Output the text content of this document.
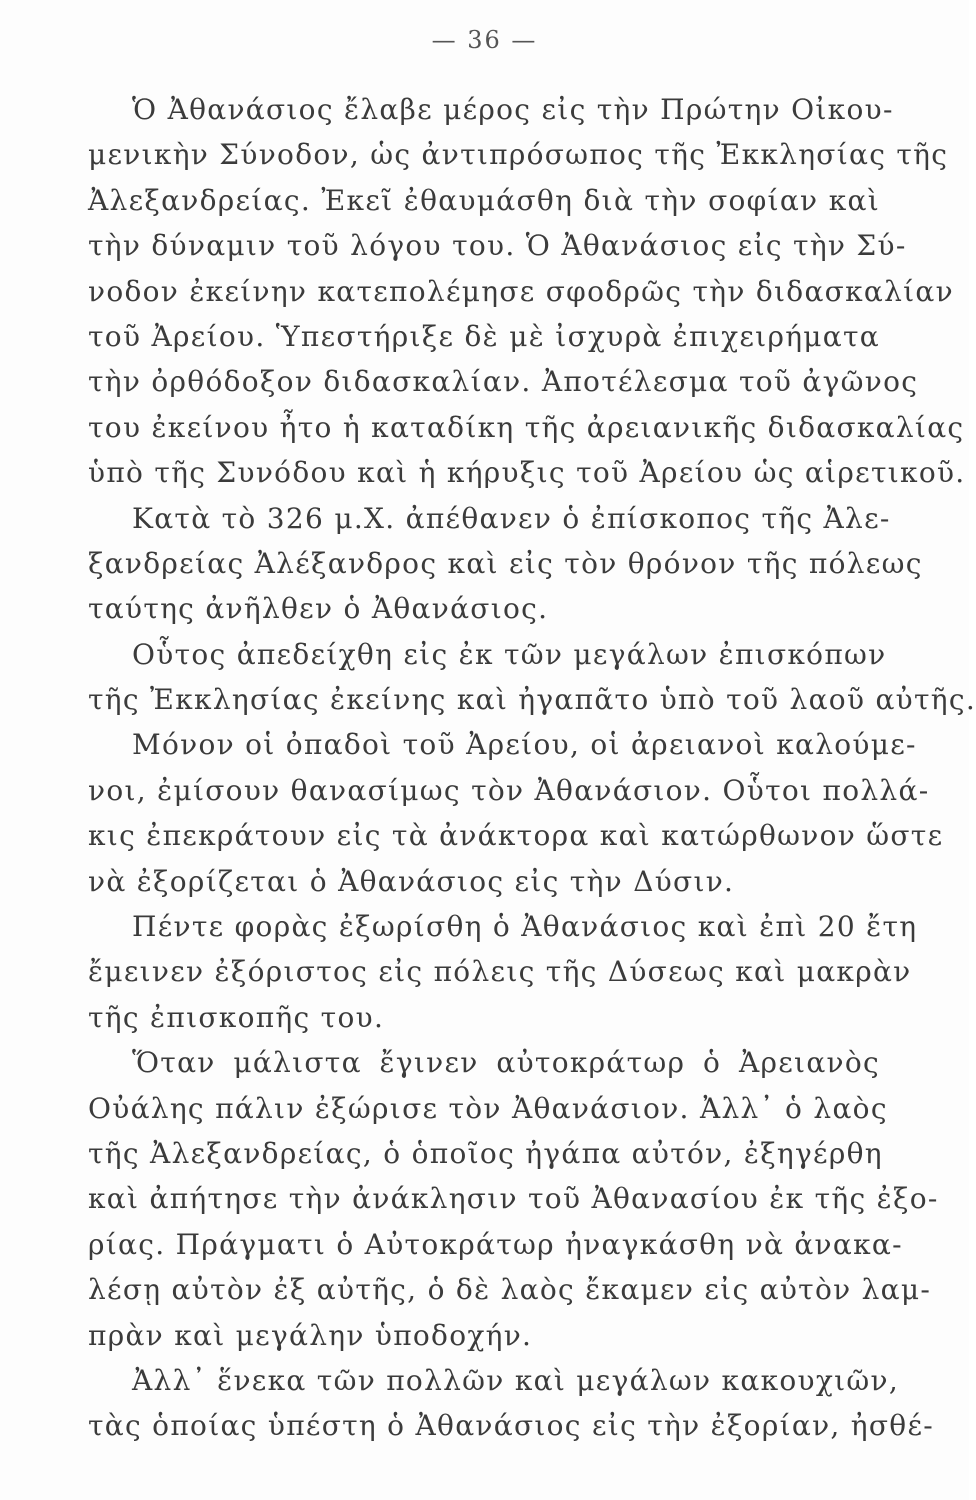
— 36 —
Ὁ Ἀθανάσιος ἔλαβε μέρος εἰς τὴν Πρώτην Οἰκου-
μενικὴν Σύνοδον, ὡς ἀντιπρόσωπος τῆς Ἐκκλησίας τῆς
Ἀλεξανδρείας. Ἐκεῖ ἐθαυμάσθη διὰ τὴν σοφίαν καὶ
τὴν δύναμιν τοῦ λόγου του. Ὁ Ἀθανάσιος εἰς τὴν Σύ-
νοδον ἐκείνην κατεπολέμησε σφοδρῶς τὴν διδασκαλίαν
τοῦ Ἀρείου. Ὑπεστήριξε δὲ μὲ ἰσχυρὰ ἐπιχειρήματα
τὴν ὀρθόδοξον διδασκαλίαν. Ἀποτέλεσμα τοῦ ἀγῶνος
του ἐκείνου ἦτο ἡ καταδίκη τῆς ἀρειανικῆς διδασκαλίας
ὑπὸ τῆς Συνόδου καὶ ἡ κήρυξις τοῦ Ἀρείου ὡς αἱρετικοῦ.
Κατὰ τὸ 326 μ.Χ. ἀπέθανεν ὁ ἐπίσκοπος τῆς Ἀλε-
ξανδρείας Ἀλέξανδρος καὶ εἰς τὸν θρόνον τῆς πόλεως
ταύτης ἀνῆλθεν ὁ Ἀθανάσιος.
Οὗτος ἀπεδείχθη εἰς ἐκ τῶν μεγάλων ἐπισκόπων
τῆς Ἐκκλησίας ἐκείνης καὶ ἠγαπᾶτο ὑπὸ τοῦ λαοῦ αὐτῆς.
Μόνον οἱ ὀπαδοὶ τοῦ Ἀρείου, οἱ ἀρειανοὶ καλούμε-
νοι, ἐμίσουν θανασίμως τὸν Ἀθανάσιον. Οὗτοι πολλά-
κις ἐπεκράτουν εἰς τὰ ἀνάκτορα καὶ κατώρθωνον ὥστε
νὰ ἐξορίζεται ὁ Ἀθανάσιος εἰς τὴν Δύσιν.
Πέντε φορὰς ἐξωρίσθη ὁ Ἀθανάσιος καὶ ἐπὶ 20 ἔτη
ἔμεινεν ἐξόριστος εἰς πόλεις τῆς Δύσεως καὶ μακρὰν
τῆς ἐπισκοπῆς του.
Ὅταν μάλιστα ἔγινεν αὐτοκράτωρ ὁ Ἀρειανὸς
Οὐάλης πάλιν ἐξώρισε τὸν Ἀθανάσιον. Ἀλλ᾽ ὁ λαὸς
τῆς Ἀλεξανδρείας, ὁ ὁποῖος ἠγάπα αὐτόν, ἐξηγέρθη
καὶ ἀπήτησε τὴν ἀνάκλησιν τοῦ Ἀθανασίου ἐκ τῆς ἐξο-
ρίας. Πράγματι ὁ Αὐτοκράτωρ ἠναγκάσθη νὰ ἀνακα-
λέσῃ αὐτὸν ἐξ αὐτῆς, ὁ δὲ λαὸς ἔκαμεν εἰς αὐτὸν λαμ-
πρὰν καὶ μεγάλην ὑποδοχήν.
Ἀλλ᾽ ἕνεκα τῶν πολλῶν καὶ μεγάλων κακουχιῶν,
τὰς ὁποίας ὑπέστη ὁ Ἀθανάσιος εἰς τὴν ἐξορίαν, ἠσθέ-
